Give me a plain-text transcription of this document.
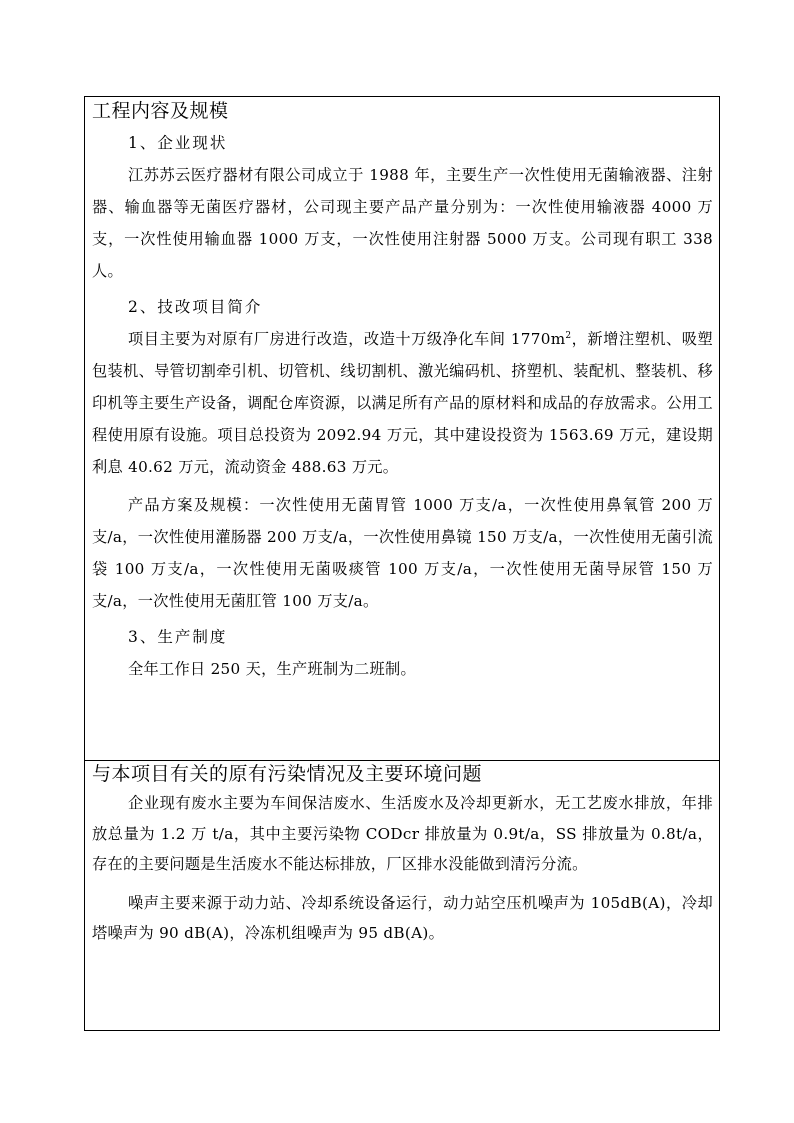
工程内容及规模
1、企业现状

江苏苏云医疗器材有限公司成立于 1988 年，主要生产一次性使用无菌输液器、注射器、输血器等无菌医疗器材，公司现主要产品产量分别为：一次性使用输液器 4000 万支，一次性使用输血器 1000 万支，一次性使用注射器 5000 万支。公司现有职工 338 人。

2、技改项目简介

项目主要为对原有厂房进行改造，改造十万级净化车间 $1770m^2$，新增注塑机、吸塑包装机、导管切割牵引机、切管机、线切割机、激光编码机、挤塑机、装配机、整装机、移印机等主要生产设备，调配仓库资源，以满足所有产品的原材料和成品的存放需求。公用工程使用原有设施。项目总投资为 2092.94 万元，其中建设投资为 1563.69 万元，建设期利息 40.62 万元，流动资金 488.63 万元。

产品方案及规模：一次性使用无菌胃管 1000 万支/a，一次性使用鼻氧管 200 万支/a，一次性使用灌肠器 200 万支/a，一次性使用鼻镜 150 万支/a，一次性使用无菌引流袋 100 万支/a，一次性使用无菌吸痰管 100 万支/a，一次性使用无菌导尿管 150 万支/a，一次性使用无菌肛管 100 万支/a。

3、生产制度

全年工作日 250 天，生产班制为二班制。

与本项目有关的原有污染情况及主要环境问题

企业现有废水主要为车间保洁废水、生活废水及冷却更新水，无工艺废水排放，年排放总量为 1.2 万 t/a，其中主要污染物 CODcr 排放量为 0.9t/a，SS 排放量为 0.8t/a，存在的主要问题是生活废水不能达标排放，厂区排水没能做到清污分流。

噪声主要来源于动力站、冷却系统设备运行，动力站空压机噪声为 105dB(A)，冷却塔噪声为 90 dB(A)，冷冻机组噪声为 95 dB(A)。
